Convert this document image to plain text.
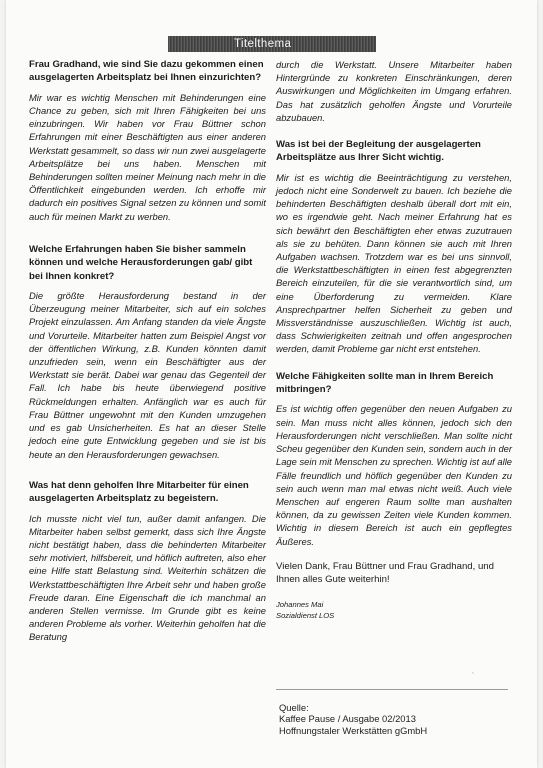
Titelthema

Frau Gradhand, wie sind Sie dazu gekommen einen ausgelagerten Arbeitsplatz bei Ihnen einzurichten?

Mir war es wichtig Menschen mit Behinderungen eine Chance zu geben, sich mit Ihren Fähigkeiten bei uns einzubringen. Wir haben vor Frau Büttner schon Erfahrungen mit einer Beschäftigten aus einer anderen Werkstatt gesammelt, so dass wir nun zwei ausgelagerte Arbeitsplätze bei uns haben. Menschen mit Behinderungen sollten meiner Meinung nach mehr in die Öffentlichkeit eingebunden werden. Ich erhoffe mir dadurch ein positives Signal setzen zu können und somit auch für meinen Markt zu werben.

Welche Erfahrungen haben Sie bisher sammeln können und welche Herausforderungen gab/ gibt bei Ihnen konkret?

Die größte Herausforderung bestand in der Überzeugung meiner Mitarbeiter, sich auf ein solches Projekt einzulassen. Am Anfang standen da viele Ängste und Vorurteile. Mitarbeiter hatten zum Beispiel Angst vor der öffentlichen Wirkung, z.B. Kunden könnten damit unzufrieden sein, wenn ein Beschäftigter aus der Werkstatt sie berät. Dabei war genau das Gegenteil der Fall. Ich habe bis heute überwiegend positive Rückmeldungen erhalten. Anfänglich war es auch für Frau Büttner ungewohnt mit den Kunden umzugehen und es gab Unsicherheiten. Es hat an dieser Stelle jedoch eine gute Entwicklung gegeben und sie ist bis heute an den Herausforderungen gewachsen.

Was hat denn geholfen Ihre Mitarbeiter für einen ausgelagerten Arbeitsplatz zu begeistern.

Ich musste nicht viel tun, außer damit anfangen. Die Mitarbeiter haben selbst gemerkt, dass sich Ihre Ängste nicht bestätigt haben, dass die behinderten Mitarbeiter sehr motiviert, hilfsbereit, und höflich auftreten, also eher eine Hilfe statt Belastung sind. Weiterhin schätzen die Werkstattbeschäftigten Ihre Arbeit sehr und haben große Freude daran. Eine Eigenschaft die ich manchmal an anderen Stellen vermisse. Im Grunde gibt es keine anderen Probleme als vorher. Weiterhin geholfen hat die Beratung

durch die Werkstatt. Unsere Mitarbeiter haben Hintergründe zu konkreten Einschränkungen, deren Auswirkungen und Möglichkeiten im Umgang erfahren. Das hat zusätzlich geholfen Ängste und Vorurteile abzubauen.

Was ist bei der Begleitung der ausgelagerten Arbeitsplätze aus Ihrer Sicht wichtig.

Mir ist es wichtig die Beeinträchtigung zu verstehen, jedoch nicht eine Sonderwelt zu bauen. Ich beziehe die behinderten Beschäftigten deshalb überall dort mit ein, wo es irgendwie geht. Nach meiner Erfahrung hat es sich bewährt den Beschäftigten eher etwas zuzutrauen als sie zu behüten. Dann können sie auch mit Ihren Aufgaben wachsen. Trotzdem war es bei uns sinnvoll, die Werkstattbeschäftigten in einen fest abgegrenzten Bereich einzuteilen, für die sie verantwortlich sind, um eine Überforderung zu vermeiden. Klare Ansprechpartner helfen Sicherheit zu geben und Missverständnisse auszuschließen. Wichtig ist auch, dass Schwierigkeiten zeitnah und offen angesprochen werden, damit Probleme gar nicht erst entstehen.

Welche Fähigkeiten sollte man in Ihrem Bereich mitbringen?

Es ist wichtig offen gegenüber den neuen Aufgaben zu sein. Man muss nicht alles können, jedoch sich den Herausforderungen nicht verschließen. Man sollte nicht Scheu gegenüber den Kunden sein, sondern auch in der Lage sein mit Menschen zu sprechen. Wichtig ist auf alle Fälle freundlich und höflich gegenüber den Kunden zu sein auch wenn man mal etwas nicht weiß. Auch viele Menschen auf engeren Raum sollte man aushalten können, da zu gewissen Zeiten viele Kunden kommen. Wichtig in diesem Bereich ist auch ein gepflegtes Äußeres.

Vielen Dank, Frau Büttner und Frau Gradhand, und Ihnen alles Gute weiterhin!

Johannes Mai

Sozialdienst LOS

`

Quelle:

Kaffee Pause / Ausgabe 02/2013

Hoffnungstaler Werkstätten gGmbH
